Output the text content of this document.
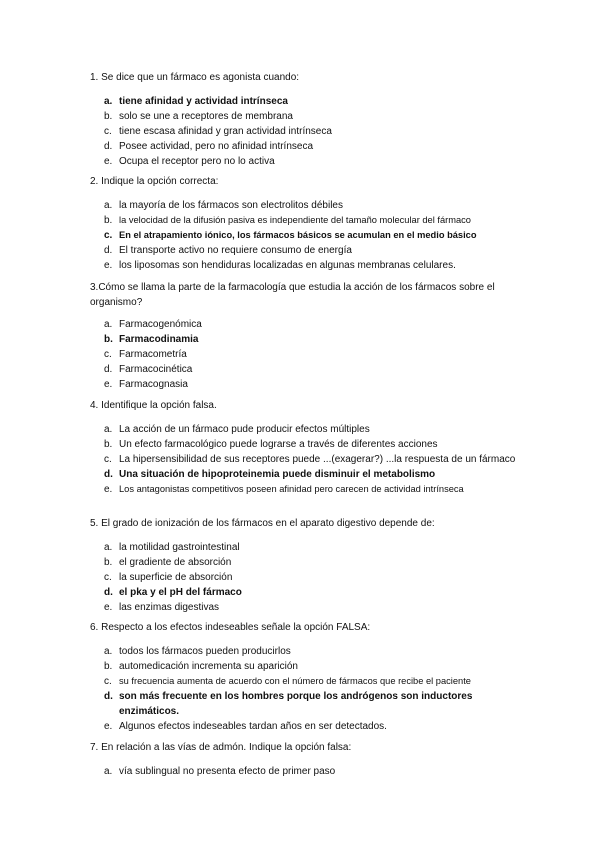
1. Se dice que un fármaco es agonista cuando:

a. tiene afinidad y actividad intrínseca
b. solo se une a receptores de membrana
c. tiene escasa afinidad y gran actividad intrínseca
d. Posee actividad, pero no afinidad intrínseca
e. Ocupa el receptor pero no lo activa

2. Indique la opción correcta:

a. la mayoría de los fármacos son electrolitos débiles
b. la velocidad de la difusión pasiva es independiente del tamaño molecular del fármaco
c. En el atrapamiento iónico, los fármacos básicos se acumulan en el medio básico
d. El transporte activo no requiere consumo de energía
e. los liposomas son hendiduras localizadas en algunas membranas celulares.

3.Cómo se llama la parte de la farmacología que estudia la acción de los fármacos sobre el organismo?

a. Farmacogenómica
b. Farmacodinamia
c. Farmacometría
d. Farmacocinética
e. Farmacognasia

4. Identifique la opción falsa.

a. La acción de un fármaco pude producir efectos múltiples
b. Un efecto farmacológico puede lograrse a través de diferentes acciones
c. La hipersensibilidad de sus receptores puede ...(exagerar?) ...la respuesta de un fármaco
d. Una situación de hipoproteinemia puede disminuir el metabolismo
e. Los antagonistas competitivos poseen afinidad pero carecen de actividad intrínseca

5. El grado de ionización de los fármacos en el aparato digestivo depende de:

a. la motilidad gastrointestinal
b. el gradiente de absorción
c. la superficie de absorción
d. el pka y el pH del fármaco
e. las enzimas digestivas

6. Respecto a los efectos indeseables señale la opción FALSA:

a. todos los fármacos pueden producirlos
b. automedicación incrementa su aparición
c. su frecuencia aumenta de acuerdo con el número de fármacos que recibe el paciente
d. son más frecuente en los hombres porque los andrógenos son inductores enzimáticos.
e. Algunos efectos indeseables tardan años en ser detectados.

7. En relación a las vías de admón. Indique la opción falsa:

a. vía sublingual no presenta efecto de primer paso
